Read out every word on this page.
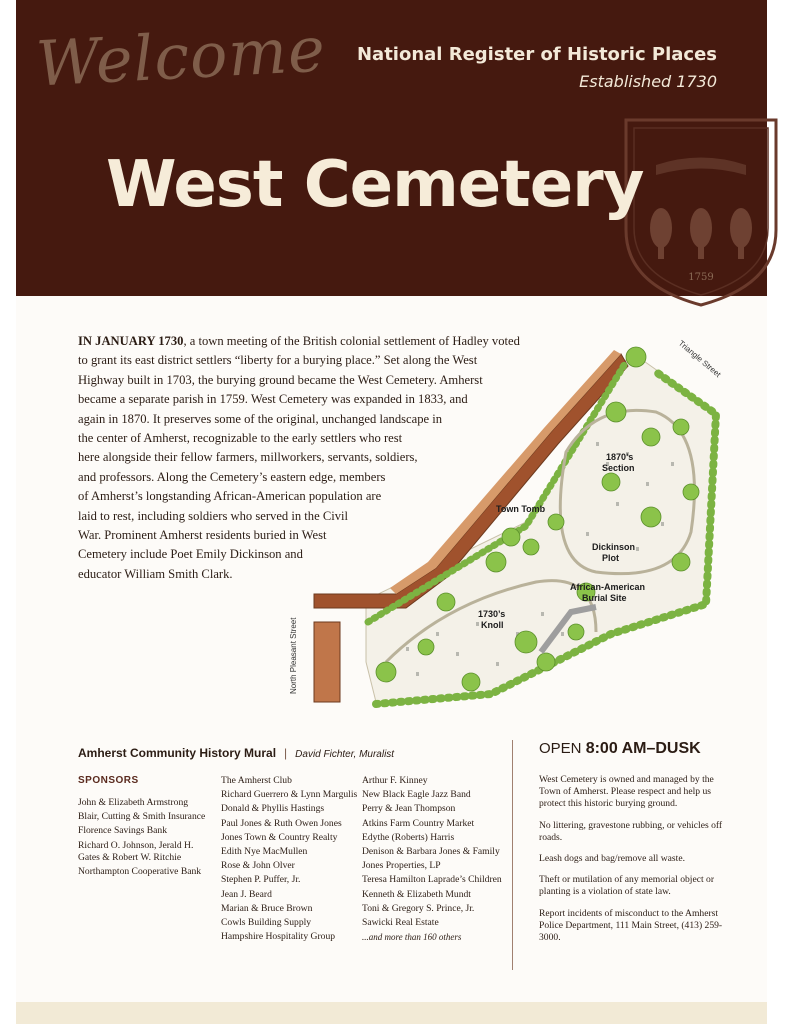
Welcome National Register of Historic Places
Established 1730
1759
West Cemetery
IN JANUARY 1730, a town meeting of the British colonial settlement of Hadley voted
to grant its east district settlers “liberty for a burying place.” Set along the West
Highway built in 1703, the burying ground became the West Cemetery. Amherst
became a separate parish in 1759. West Cemetery was expanded in 1833, and
again in 1870. It preserves some of the original, unchanged landscape in
the center of Amherst, recognizable to the early settlers who rest
here alongside their fellow farmers, millworkers, servants, soldiers,
and professors. Along the Cemetery’s eastern edge, members
of Amherst’s longstanding African-American population are
laid to rest, including soldiers who served in the Civil
War. Prominent Amherst residents buried in West
Cemetery include Poet Emily Dickinson and
educator William Smith Clark.
1870’s
Section
Town Tomb
Dickinson
Plot
African-American
Burial Site
1730’s
Knoll
Triangle Street
North Pleasant Street
Amherst Community History Mural | David Fichter, Muralist
SPONSORS
John & Elizabeth Armstrong
Blair, Cutting & Smith Insurance
Florence Savings Bank
Richard O. Johnson, Jerald H. Gates & Robert W. Ritchie
Northampton Cooperative Bank
The Amherst Club
Richard Guerrero & Lynn Margulis
Donald & Phyllis Hastings
Paul Jones & Ruth Owen Jones
Jones Town & Country Realty
Edith Nye MacMullen
Rose & John Olver
Stephen P. Puffer, Jr.
Jean J. Beard
Marian & Bruce Brown
Cowls Building Supply
Hampshire Hospitality Group
Arthur F. Kinney
New Black Eagle Jazz Band
Perry & Jean Thompson
Atkins Farm Country Market
Edythe (Roberts) Harris
Denison & Barbara Jones & Family
Jones Properties, LP
Teresa Hamilton Laprade’s Children
Kenneth & Elizabeth Mundt
Toni & Gregory S. Prince, Jr.
Sawicki Real Estate
...and more than 160 others
OPEN 8:00 AM–DUSK

West Cemetery is owned and managed by the Town of Amherst. Please respect and help us protect this historic burying ground.

No littering, gravestone rubbing, or vehicles off roads.

Leash dogs and bag/remove all waste.

Theft or mutilation of any memorial object or planting is a violation of state law.

Report incidents of misconduct to the Amherst Police Department, 111 Main Street, (413) 259-3000.
